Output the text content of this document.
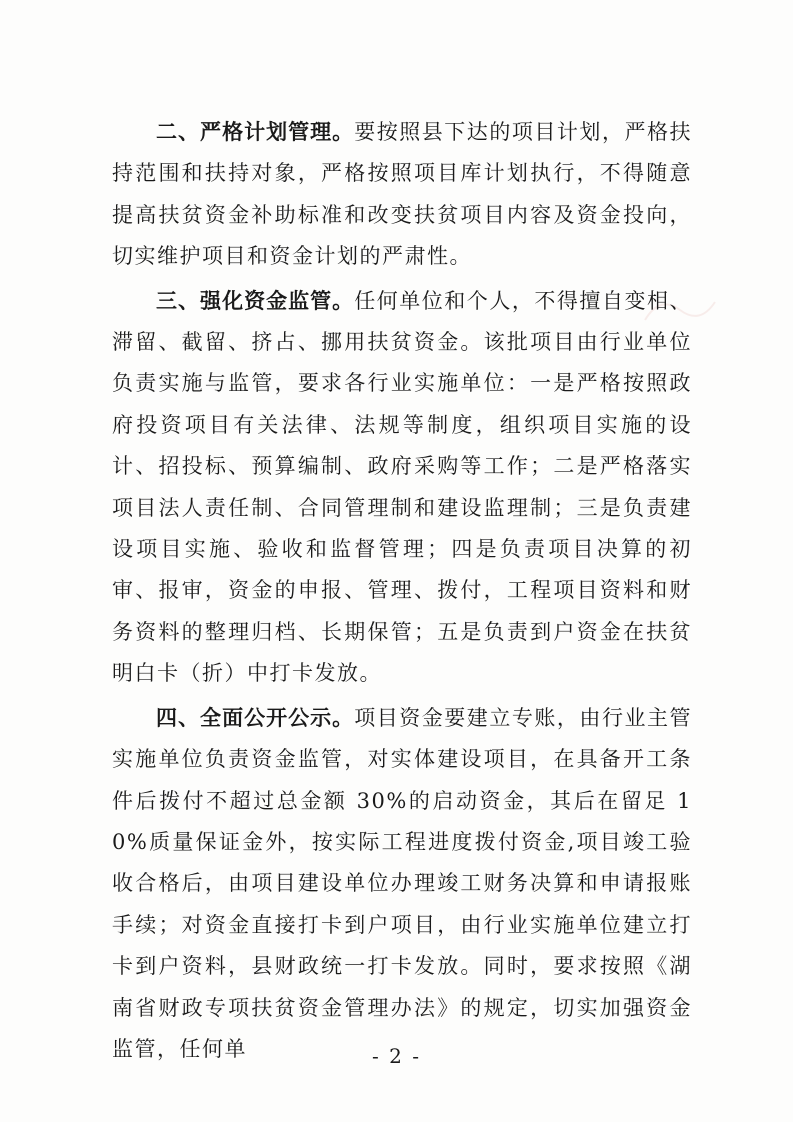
二、严格计划管理。要按照县下达的项目计划，严格扶持范围和扶持对象，严格按照项目库计划执行，不得随意提高扶贫资金补助标准和改变扶贫项目内容及资金投向，切实维护项目和资金计划的严肃性。

三、强化资金监管。任何单位和个人，不得擅自变相、滞留、截留、挤占、挪用扶贫资金。该批项目由行业单位负责实施与监管，要求各行业实施单位：一是严格按照政府投资项目有关法律、法规等制度，组织项目实施的设计、招投标、预算编制、政府采购等工作；二是严格落实项目法人责任制、合同管理制和建设监理制；三是负责建设项目实施、验收和监督管理；四是负责项目决算的初审、报审，资金的申报、管理、拨付，工程项目资料和财务资料的整理归档、长期保管；五是负责到户资金在扶贫明白卡（折）中打卡发放。

四、全面公开公示。项目资金要建立专账，由行业主管实施单位负责资金监管，对实体建设项目，在具备开工条件后拨付不超过总金额 30%的启动资金，其后在留足 10%质量保证金外，按实际工程进度拨付资金,项目竣工验收合格后，由项目建设单位办理竣工财务决算和申请报账手续；对资金直接打卡到户项目，由行业实施单位建立打卡到户资料，县财政统一打卡发放。同时，要求按照《湖南省财政专项扶贫资金管理办法》的规定，切实加强资金监管，任何单	- 2 -
